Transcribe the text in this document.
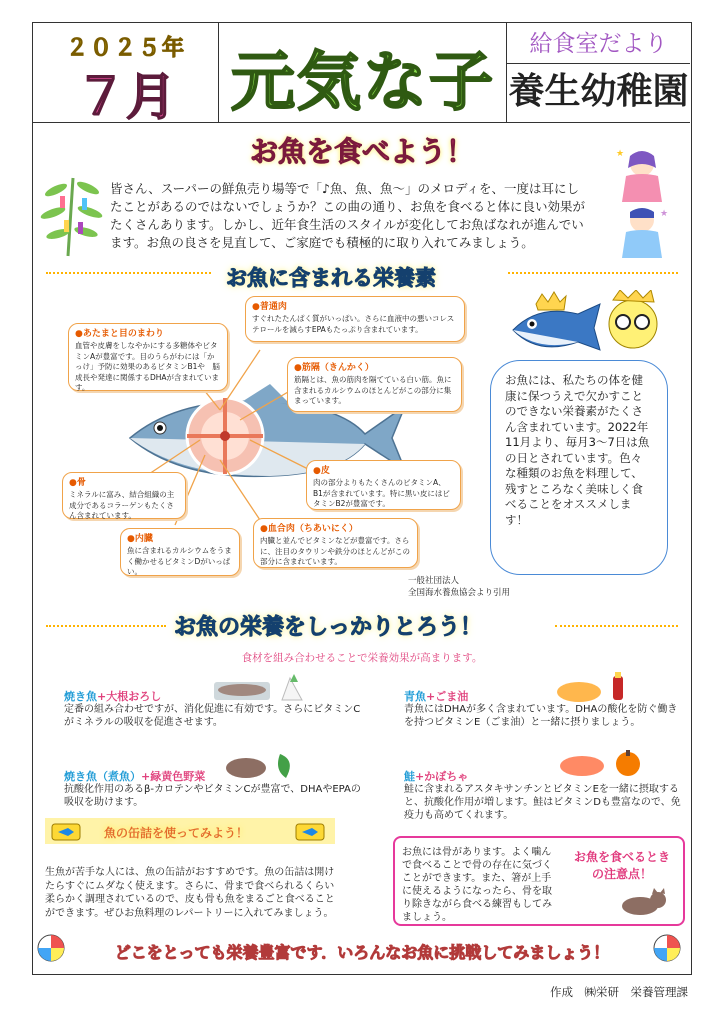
２０２５年
７月 元気な子
給食室だより
養生幼稚園
お魚を食べよう！
皆さん、スーパーの鮮魚売り場等で「♪魚、魚、魚〜」のメロディを、一度は耳にしたことがあるのではないでしょうか？この曲の通り、お魚を食べると体に良い効果がたくさんあります。しかし、近年食生活のスタイルが変化してお魚ばなれが進んでいます。お魚の良さを見直して、ご家庭でも積極的に取り入れてみましょう。
★
★
お魚に含まれる栄養素
●あたまと目のまわり
血管や皮膚をしなやかにする多糖体やビタミンAが豊富です。目のうらがわには「かっけ」予防に効果のあるビタミンB1や　脳　成長や発達に関係するDHAが含まれています。
●普通肉
すぐれたたんぱく質がいっぱい。さらに血液中の悪いコレステロールを減らすEPAもたっぷり含まれています。
●筋隔（きんかく）
筋隔とは、魚の筋肉を隔てている白い筋。魚に含まれるカルシウムのほとんどがこの部分に集まっています。
●骨
ミネラルに富み、結合組織の主成分であるコラーゲンもたくさん含まれています。
●皮
肉の部分よりもたくさんのビタミンA、B1が含まれています。特に黒い皮にはビタミンB2が豊富です。
●内臓
魚に含まれるカルシウムをうまく働かせるビタミンDがいっぱい。
●血合肉（ちあいにく）
内臓と並んでビタミンなどが豊富です。さらに、注目のタウリンや鉄分のほとんどがこの部分に含まれています。
お魚には、私たちの体を健康に保つうえで欠かすことのできない栄養素がたくさん含まれています。2022年11月より、毎月3〜7日は魚の日とされています。色々な種類のお魚を料理して、残すところなく美味しく食べることをオススメします！
一般社団法人
全国海水養魚協会より引用
お魚の栄養をしっかりとろう！
食材を組み合わせることで栄養効果が高まります。
焼き魚+大根おろし
定番の組み合わせですが、消化促進に有効です。さらにビタミンCがミネラルの吸収を促進させます。
青魚+ごま油
青魚にはDHAが多く含まれています。DHAの酸化を防ぐ働きを持つビタミンE（ごま油）と一緒に摂りましょう。
焼き魚（煮魚）+緑黄色野菜
抗酸化作用のあるβ-カロテンやビタミンCが豊富で、DHAやEPAの吸収を助けます。
鮭+かぼちゃ
鮭に含まれるアスタキサンチンとビタミンEを一緒に摂取すると、抗酸化作用が増します。鮭はビタミンDも豊富なので、免疫力も高めてくれます。
魚の缶詰を使ってみよう！
生魚が苦手な人には、魚の缶詰がおすすめです。魚の缶詰は開けたらすぐにムダなく使えます。さらに、骨まで食べられるくらい柔らかく調理されているので、皮も骨も魚をまるごと食べることができます。ぜひお魚料理のレパートリーに入れてみましょう。
お魚には骨があります。よく噛んで食べることで骨の存在に気づくことができます。また、箸が上手に使えるようになったら、骨を取り除きながら食べる練習もしてみましょう。
お魚を食べるときの注意点！
どこをとっても栄養豊富です．いろんなお魚に挑戦してみましょう！
作成　㈱栄研　栄養管理課
